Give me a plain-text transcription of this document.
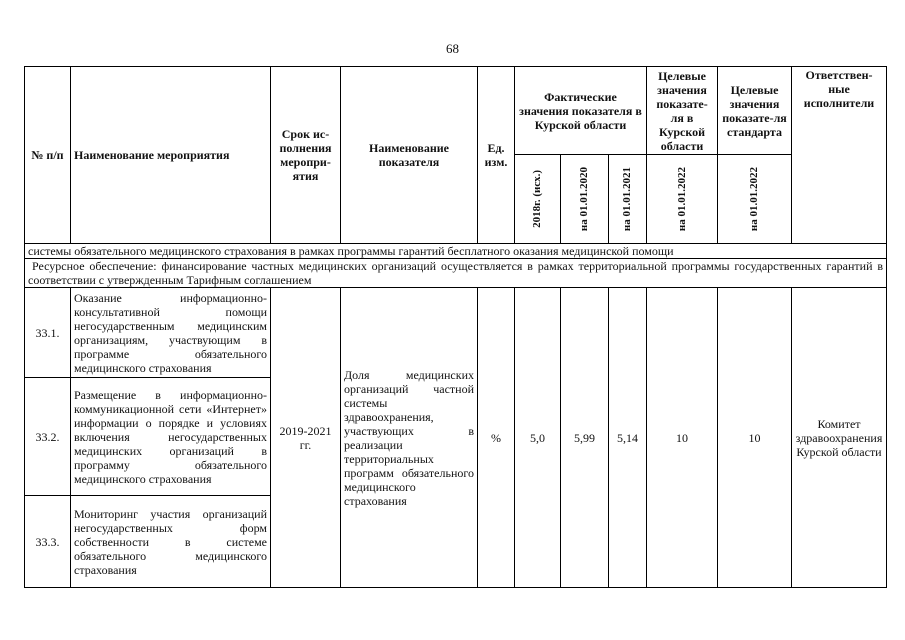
68
№ п/п	Наименование мероприятия	Срок ис-полнения меропри-ятия	Наименование показателя	Ед. изм.	Фактические значения показателя в Курской области			Целевые значения показате-ля в Курской области	Целевые значения показате-ля стандарта	Ответствен-ные исполнители

					2018г. (исх.)	на 01.01.2020	на 01.01.2021	на 01.01.2022	на 01.01.2022	

системы обязательного медицинского страхования в рамках программы гарантий бесплатного оказания медицинской помощи										
Ресурсное обеспечение: финансирование частных медицинских организаций осуществляется в рамках территориальной программы государственных гарантий в соответствии с утвержденным Тарифным соглашением										
33.1.	Оказание информационно-консультативной помощи негосударственным медицинским организациям, участвующим в программе обязательного медицинского страхования	2019-2021 гг.	Доля медицинских организаций частной системы здравоохранения, участвующих в реализации территориальных программ обязательного медицинского страхования	%	5,0	5,99	5,14	10	10	Комитет здравоохранения Курской области
33.2.	Размещение в информационно-коммуникационной сети «Интернет» информации о порядке и условиях включения негосударственных медицинских организаций в программу обязательного медицинского страхования									
33.3.	Мониторинг участия организаций негосударственных форм собственности в системе обязательного медицинского страхования									
